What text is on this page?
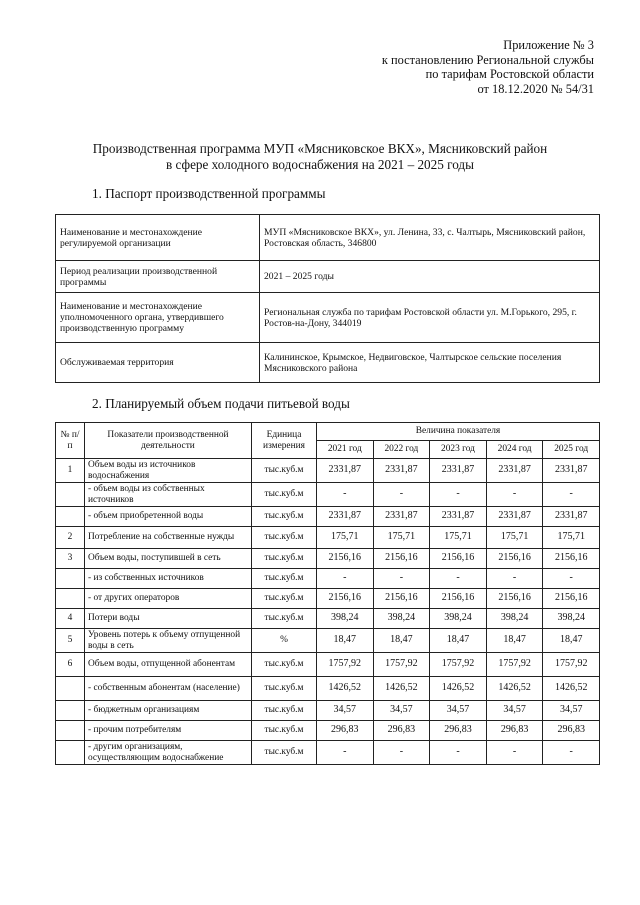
Приложение № 3
к постановлению Региональной службы
по тарифам Ростовской области
от 18.12.2020 № 54/31
Производственная программа МУП «Мясниковское ВКХ», Мясниковский район
в сфере холодного водоснабжения на 2021 – 2025 годы
1. Паспорт производственной программы
Наименование и местонахождение регулируемой организации	МУП «Мясниковское ВКХ», ул. Ленина, 33, с. Чалтырь, Мясниковский район, Ростовская область, 346800
Период реализации производственной программы	2021 – 2025 годы
Наименование и местонахождение уполномоченного органа, утвердившего производственную программу	Региональная служба по тарифам Ростовской области ул. М.Горького, 295, г. Ростов-на-Дону, 344019
Обслуживаемая территория	Калининское, Крымское, Недвиговское, Чалтырское сельские поселения Мясниковского района
2. Планируемый объем подачи питьевой воды
№ п/п	Показатели производственной деятельности	Единица измерения	Величина показателя				
			2021 год	2022 год	2023 год	2024 год	2025 год
1	Объем воды из источников водоснабжения	тыс.куб.м	2331,87	2331,87	2331,87	2331,87	2331,87
	- объем воды из собственных источников	тыс.куб.м	-	-	-	-	-
	- объем приобретенной воды	тыс.куб.м	2331,87	2331,87	2331,87	2331,87	2331,87
2	Потребление на собственные нужды	тыс.куб.м	175,71	175,71	175,71	175,71	175,71
3	Объем воды, поступившей в сеть	тыс.куб.м	2156,16	2156,16	2156,16	2156,16	2156,16
	- из собственных источников	тыс.куб.м	-	-	-	-	-
	- от других операторов	тыс.куб.м	2156,16	2156,16	2156,16	2156,16	2156,16
4	Потери воды	тыс.куб.м	398,24	398,24	398,24	398,24	398,24
5	Уровень потерь к объему отпущенной воды в сеть	%	18,47	18,47	18,47	18,47	18,47
6	Объем воды, отпущенной абонентам	тыс.куб.м	1757,92	1757,92	1757,92	1757,92	1757,92
	- собственным абонентам (население)	тыс.куб.м	1426,52	1426,52	1426,52	1426,52	1426,52
	- бюджетным организациям	тыс.куб.м	34,57	34,57	34,57	34,57	34,57
	- прочим потребителям	тыс.куб.м	296,83	296,83	296,83	296,83	296,83
	- другим организациям, осуществляющим водоснабжение	тыс.куб.м	-	-	-	-	-
